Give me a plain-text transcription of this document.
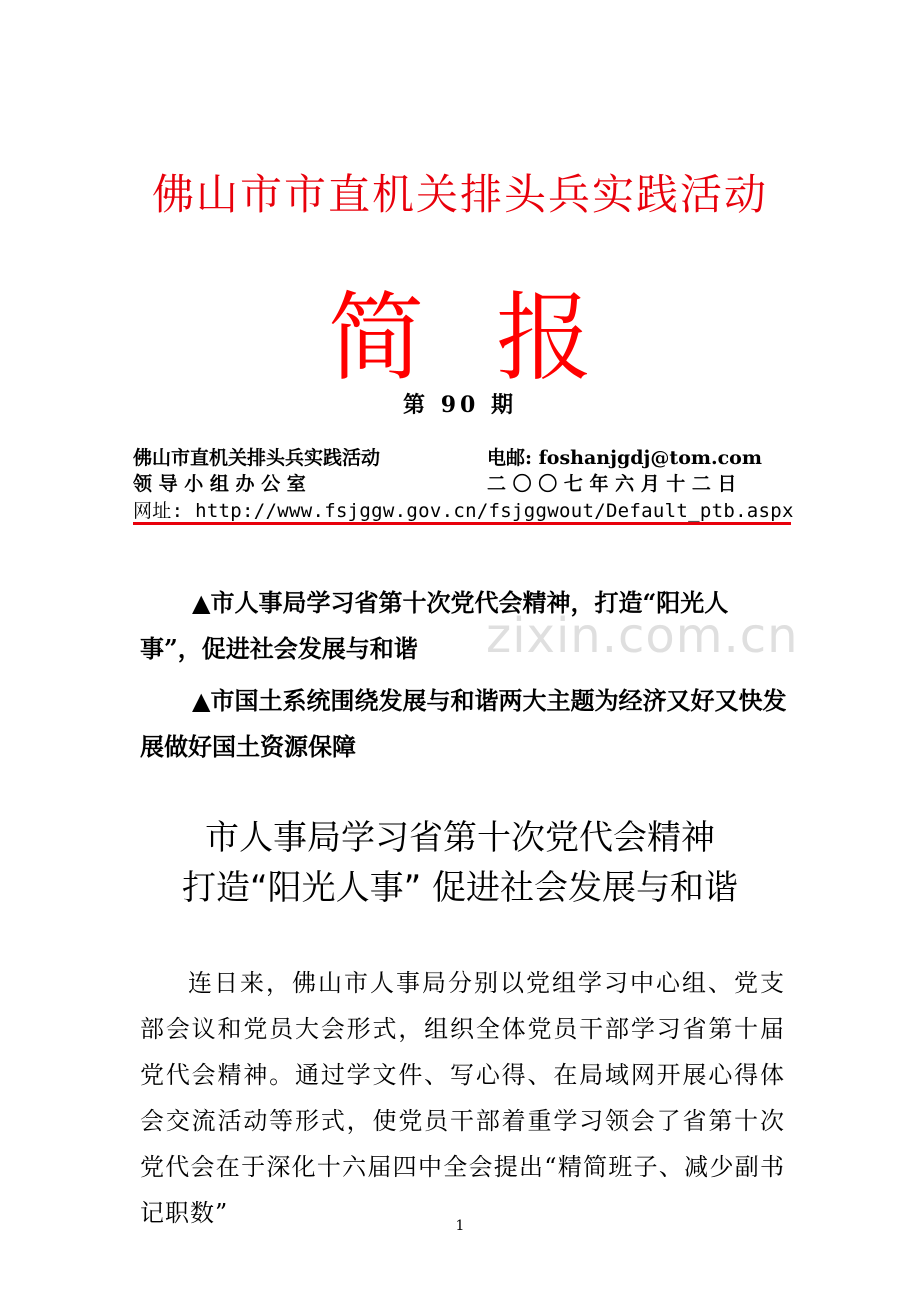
佛山市市直机关排头兵实践活动
简 报
第 90 期
佛山市直机关排头兵实践活动	电邮: foshanjgdj@tom.com
领 导 小 组 办 公 室	二 〇 〇 七 年 六 月 十 二 日
网址: http://www.fsjggw.gov.cn/fsjggwout/Default_ptb.aspx

▲市人事局学习省第十次党代会精神，打造“阳光人事”，促进社会发展与和谐

▲市国土系统围绕发展与和谐两大主题为经济又好又快发展做好国土资源保障

zixin.com.cn
市人事局学习省第十次党代会精神
打造“阳光人事” 促进社会发展与和谐
连日来，佛山市人事局分别以党组学习中心组、党支部会议和党员大会形式，组织全体党员干部学习省第十届党代会精神。通过学文件、写心得、在局域网开展心得体会交流活动等形式，使党员干部着重学习领会了省第十次党代会在于深化十六届四中全会提出“精简班子、减少副书记职数”	1
